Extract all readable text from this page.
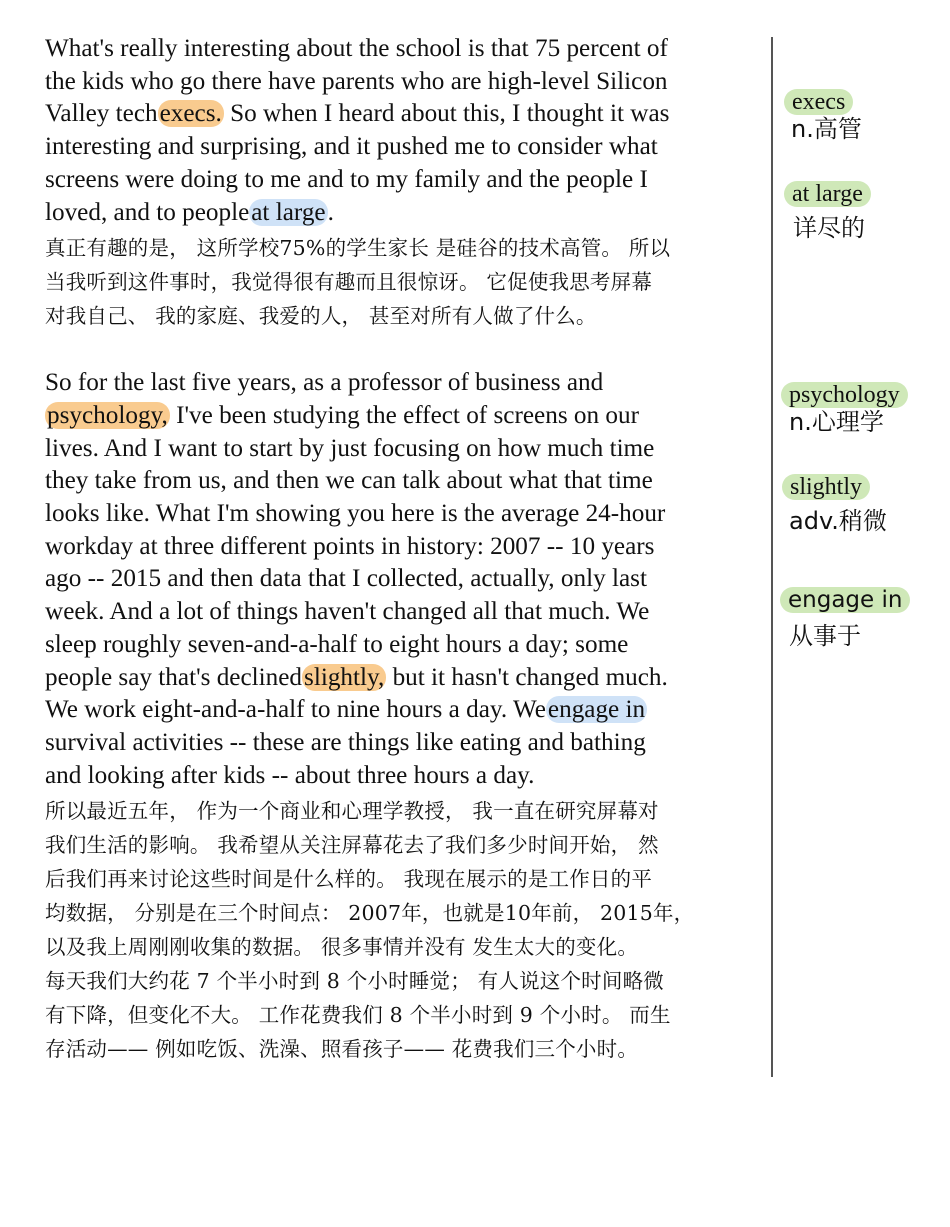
What's really interesting about the school is that 75 percent of
the kids who go there have parents who are high-level Silicon
Valley techexecs. So when I heard about this, I thought it was
interesting and surprising, and it pushed me to consider what
screens were doing to me and to my family and the people I
loved, and to peopleat large.

真正有趣的是， 这所学校75%的学生家长 是硅谷的技术高管。 所以
当我听到这件事时，我觉得很有趣而且很惊讶。 它促使我思考屏幕
对我自己、 我的家庭、我爱的人， 甚至对所有人做了什么。

So for the last five years, as a professor of business and
psychology, I've been studying the effect of screens on our
lives. And I want to start by just focusing on how much time
they take from us, and then we can talk about what that time
looks like. What I'm showing you here is the average 24-hour
workday at three different points in history: 2007 -- 10 years
ago -- 2015 and then data that I collected, actually, only last
week. And a lot of things haven't changed all that much. We
sleep roughly seven-and-a-half to eight hours a day; some
people say that's declinedslightly, but it hasn't changed much.
We work eight-and-a-half to nine hours a day. Weengage in
survival activities -- these are things like eating and bathing
and looking after kids -- about three hours a day.

所以最近五年， 作为一个商业和心理学教授， 我一直在研究屏幕对
我们生活的影响。 我希望从关注屏幕花去了我们多少时间开始， 然
后我们再来讨论这些时间是什么样的。 我现在展示的是工作日的平
均数据， 分别是在三个时间点： 2007年，也就是10年前， 2015年，
以及我上周刚刚收集的数据。 很多事情并没有 发生太大的变化。
每天我们大约花 7 个半小时到 8 个小时睡觉； 有人说这个时间略微
有下降，但变化不大。 工作花费我们 8 个半小时到 9 个小时。 而生
存活动—— 例如吃饭、洗澡、照看孩子—— 花费我们三个小时。

execs
n.高管
at large
详尽的
psychology
n.心理学
slightly
adv.稍微
engage in
从事于
